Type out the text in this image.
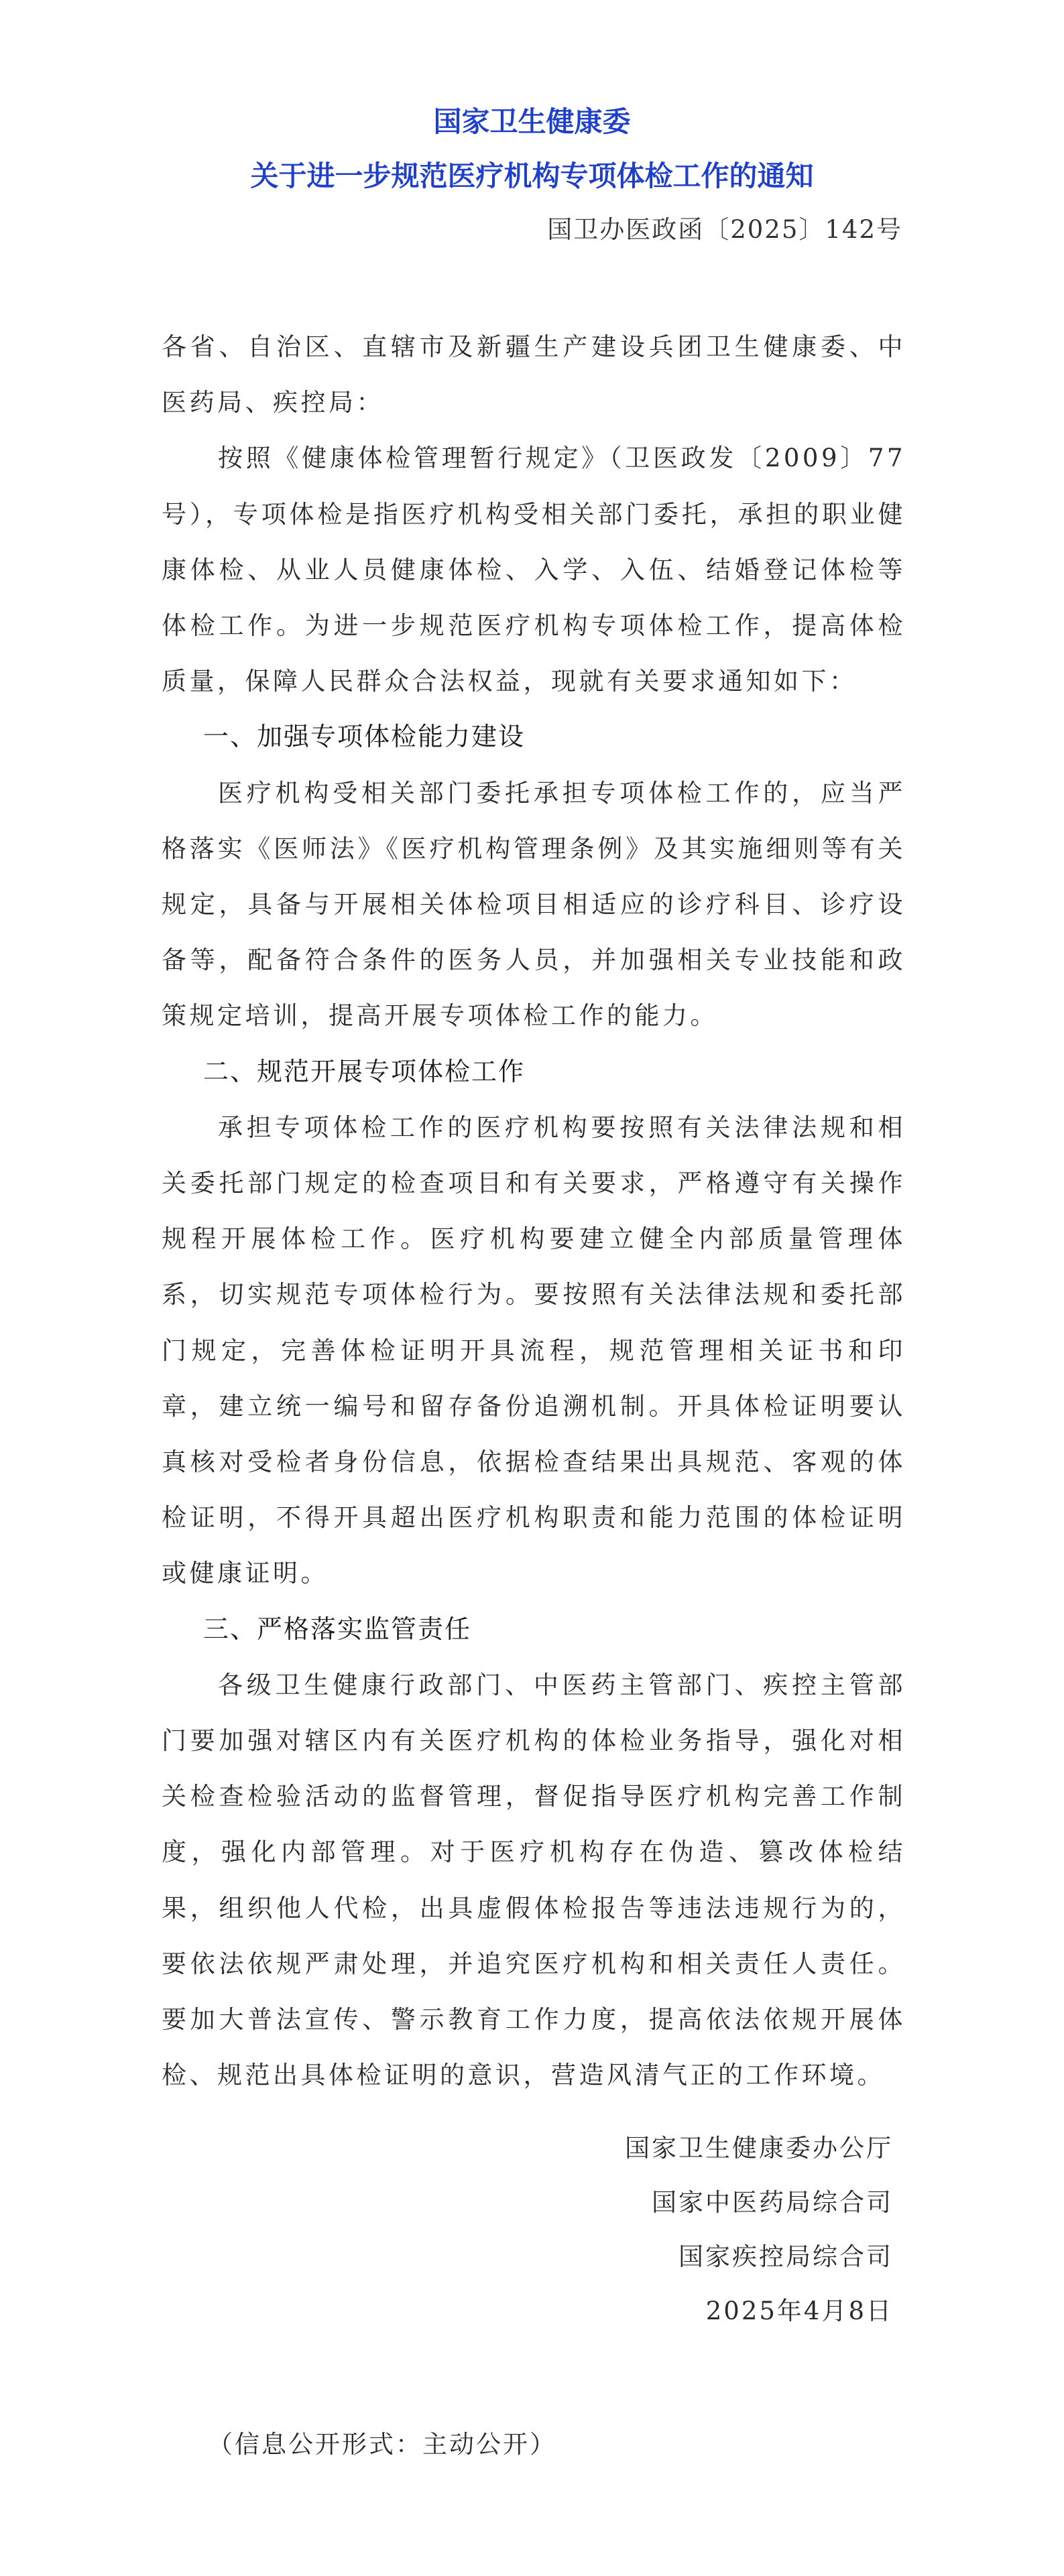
国家卫生健康委
关于进一步规范医疗机构专项体检工作的通知
国卫办医政函〔2025〕142号

各省、自治区、直辖市及新疆生产建设兵团卫生健康委、中医药局、疾控局：

按照《健康体检管理暂行规定》（卫医政发〔2009〕77号），专项体检是指医疗机构受相关部门委托，承担的职业健康体检、从业人员健康体检、入学、入伍、结婚登记体检等体检工作。为进一步规范医疗机构专项体检工作，提高体检质量，保障人民群众合法权益，现就有关要求通知如下：

一、加强专项体检能力建设

医疗机构受相关部门委托承担专项体检工作的，应当严格落实《医师法》《医疗机构管理条例》及其实施细则等有关规定，具备与开展相关体检项目相适应的诊疗科目、诊疗设备等，配备符合条件的医务人员，并加强相关专业技能和政策规定培训，提高开展专项体检工作的能力。

二、规范开展专项体检工作

承担专项体检工作的医疗机构要按照有关法律法规和相关委托部门规定的检查项目和有关要求，严格遵守有关操作规程开展体检工作。医疗机构要建立健全内部质量管理体系，切实规范专项体检行为。要按照有关法律法规和委托部门规定，完善体检证明开具流程，规范管理相关证书和印章，建立统一编号和留存备份追溯机制。开具体检证明要认真核对受检者身份信息，依据检查结果出具规范、客观的体检证明，不得开具超出医疗机构职责和能力范围的体检证明或健康证明。

三、严格落实监管责任

各级卫生健康行政部门、中医药主管部门、疾控主管部门要加强对辖区内有关医疗机构的体检业务指导，强化对相关检查检验活动的监督管理，督促指导医疗机构完善工作制度，强化内部管理。对于医疗机构存在伪造、篡改体检结果，组织他人代检，出具虚假体检报告等违法违规行为的，要依法依规严肃处理，并追究医疗机构和相关责任人责任。要加大普法宣传、警示教育工作力度，提高依法依规开展体检、规范出具体检证明的意识，营造风清气正的工作环境。

国家卫生健康委办公厅
国家中医药局综合司
国家疾控局综合司
2025年4月8日
（信息公开形式：主动公开）
